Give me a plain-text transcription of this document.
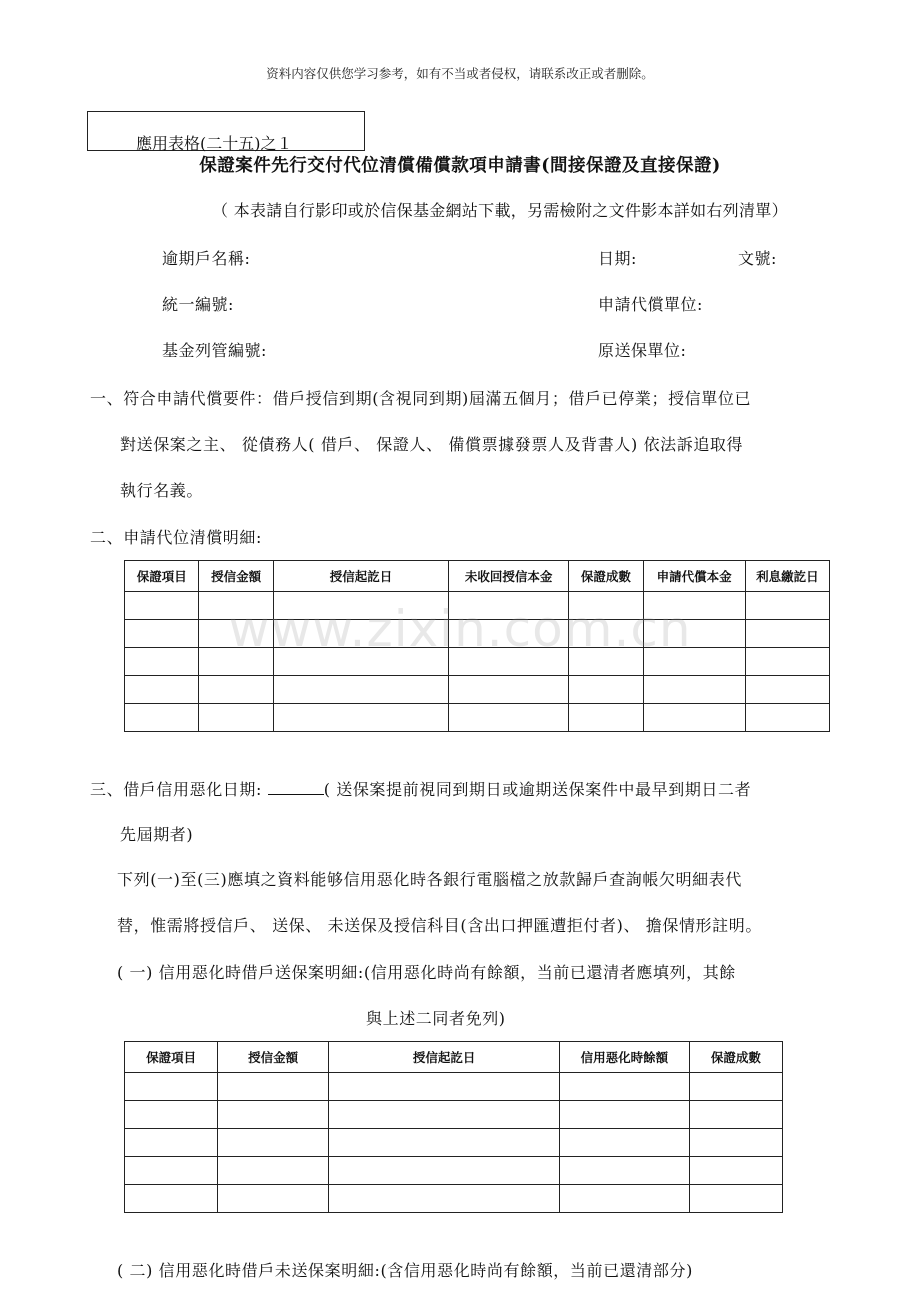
资料内容仅供您学习参考，如有不当或者侵权，请联系改正或者删除。
應用表格(二十五)之１
保證案件先行交付代位清償備償款項申請書(間接保證及直接保證)
（ 本表請自行影印或於信保基金網站下載，另需檢附之文件影本詳如右列清單）
逾期戶名稱:	日期:	文號:
統一編號:	申請代償單位:
基金列管編號:	原送保單位:
一、符合申請代償要件：借戶授信到期(含視同到期)屆滿五個月；借戶已停業；授信單位已
對送保案之主、 從債務人( 借戶、 保證人、 備償票據發票人及背書人) 依法訴追取得
執行名義。
二、申請代位清償明細:
保證項目	授信金額	授信起訖日	未收回授信本金	保證成數	申請代償本金	利息繳訖日

www.zixin.com.cn
三、借戶信用惡化日期:	( 送保案提前視同到期日或逾期送保案件中最早到期日二者
先屆期者)
下列(一)至(三)應填之資料能够信用惡化時各銀行電腦檔之放款歸戶查詢帳欠明細表代
替，惟需將授信戶、 送保、 未送保及授信科目(含出口押匯遭拒付者)、 擔保情形註明。
( 一) 信用惡化時借戶送保案明細:(信用惡化時尚有餘額，当前已還清者應填列，其餘
與上述二同者免列)
保證項目	授信金額	授信起訖日	信用惡化時餘額	保證成數

( 二) 信用惡化時借戶未送保案明細:(含信用惡化時尚有餘額，当前已還清部分)
